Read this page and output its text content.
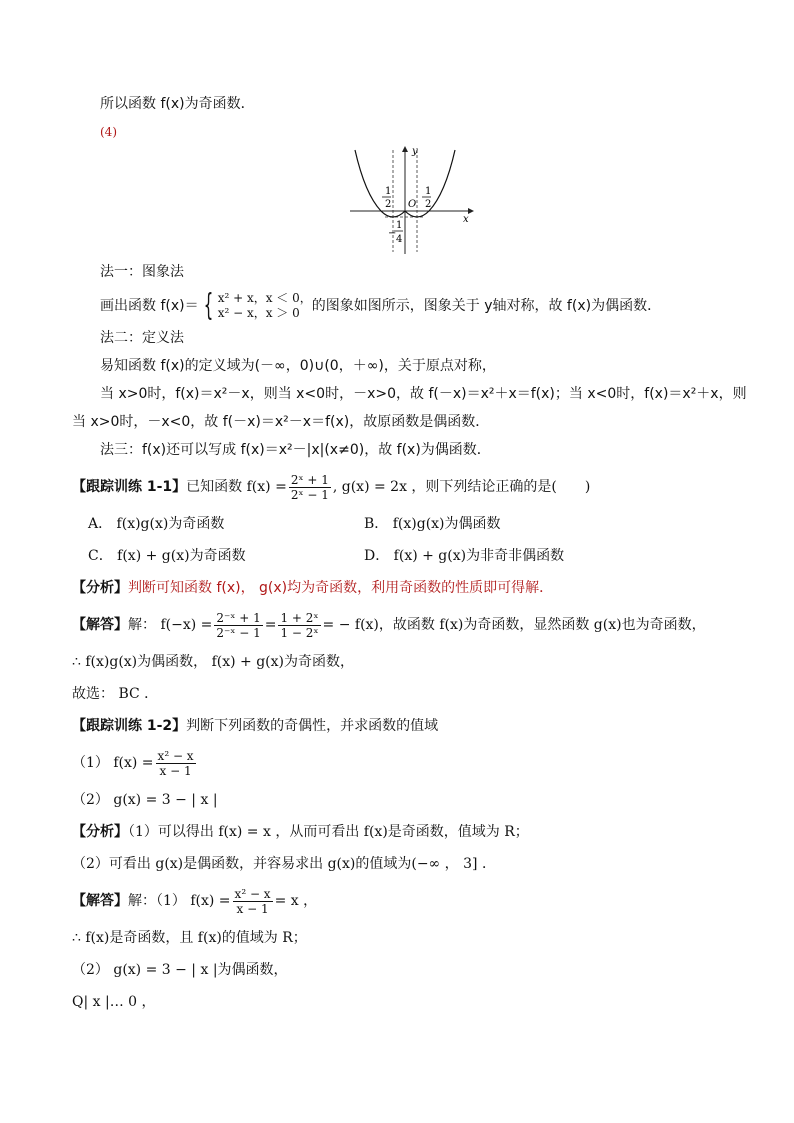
所以函数 f(x)为奇函数．
(4)
y
x
O
1
2
1
2
−
1
4
法一：图象法
画出函数 f(x)＝ { x² + x，x ＜ 0，
x² − x，x ＞ 0 的图象如图所示，图象关于 y轴对称，故 f(x)为偶函数．
法二：定义法
易知函数 f(x)的定义域为(－∞，0)∪(0，＋∞)，关于原点对称，
当 x>0时，f(x)＝x²－x，则当 x<0时，－x>0，故 f(－x)＝x²＋x＝f(x)；当 x<0时，f(x)＝x²＋x，则
当 x>0时，－x<0，故 f(－x)＝x²－x＝f(x)，故原函数是偶函数．
法三：f(x)还可以写成 f(x)＝x²－|x|(x≠0)，故 f(x)为偶函数．
【跟踪训练 1-1】 已知函数 $f(x) = \frac{\text{2ˣ + 1}}{\text{2ˣ − 1}}$ , g(x) = 2x ，则下列结论正确的是(　　)
A． f(x)g(x)为奇函数	B． f(x)g(x)为偶函数
C． f(x) + g(x)为奇函数	D． f(x) + g(x)为非奇非偶函数
【分析】判断可知函数 f(x)， g(x)均为奇函数，利用奇函数的性质即可得解．
【解答】 解： $f(-x) = \frac{\text{2⁻ˣ + 1}}{\text{2⁻ˣ − 1}} = \frac{\text{1 + 2ˣ}}{\text{1 − 2ˣ}}$ = − f(x)，故函数 f(x)为奇函数，显然函数 g(x)也为奇函数，
∴ f(x)g(x)为偶函数， f(x) + g(x)为奇函数，
故选： BC ．
【跟踪训练 1-2】判断下列函数的奇偶性，并求函数的值域
（1） $f(x) = \frac{\text{x² − x}}{x - 1}$
（2） g(x) = 3 − | x |
【分析】（1）可以得出 f(x) = x ，从而可看出 f(x)是奇函数，值域为 R；
（2）可看出 g(x)是偶函数，并容易求出 g(x)的值域为(−∞ ， 3] ．
【解答】 解：（1） $f(x) = \frac{\text{x² − x}}{x - 1} = x$ ，
∴ f(x)是奇函数，且 f(x)的值域为 R；
（2） g(x) = 3 − | x |为偶函数，
Q| x |… 0 ，
